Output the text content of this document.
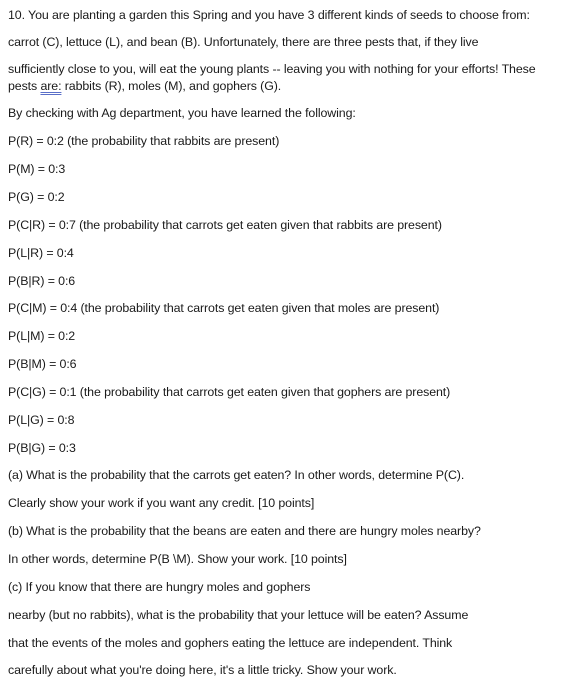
10. You are planting a garden this Spring and you have 3 different kinds of seeds to choose from:
carrot (C), lettuce (L), and bean (B). Unfortunately, there are three pests that, if they live
sufficiently close to you, will eat the young plants -- leaving you with nothing for your efforts! These
pests are: rabbits (R), moles (M), and gophers (G).
By checking with Ag department, you have learned the following:
P(R) = 0:2 (the probability that rabbits are present)
P(M) = 0:3
P(G) = 0:2
P(C|R) = 0:7 (the probability that carrots get eaten given that rabbits are present)
P(L|R) = 0:4
P(B|R) = 0:6
P(C|M) = 0:4 (the probability that carrots get eaten given that moles are present)
P(L|M) = 0:2
P(B|M) = 0:6
P(C|G) = 0:1 (the probability that carrots get eaten given that gophers are present)
P(L|G) = 0:8
P(B|G) = 0:3
(a) What is the probability that the carrots get eaten? In other words, determine P(C).
Clearly show your work if you want any credit. [10 points]
(b) What is the probability that the beans are eaten and there are hungry moles nearby?
In other words, determine P(B \M). Show your work. [10 points]
(c) If you know that there are hungry moles and gophers
nearby (but no rabbits), what is the probability that your lettuce will be eaten? Assume
that the events of the moles and gophers eating the lettuce are independent. Think
carefully about what you're doing here, it's a little tricky. Show your work.
